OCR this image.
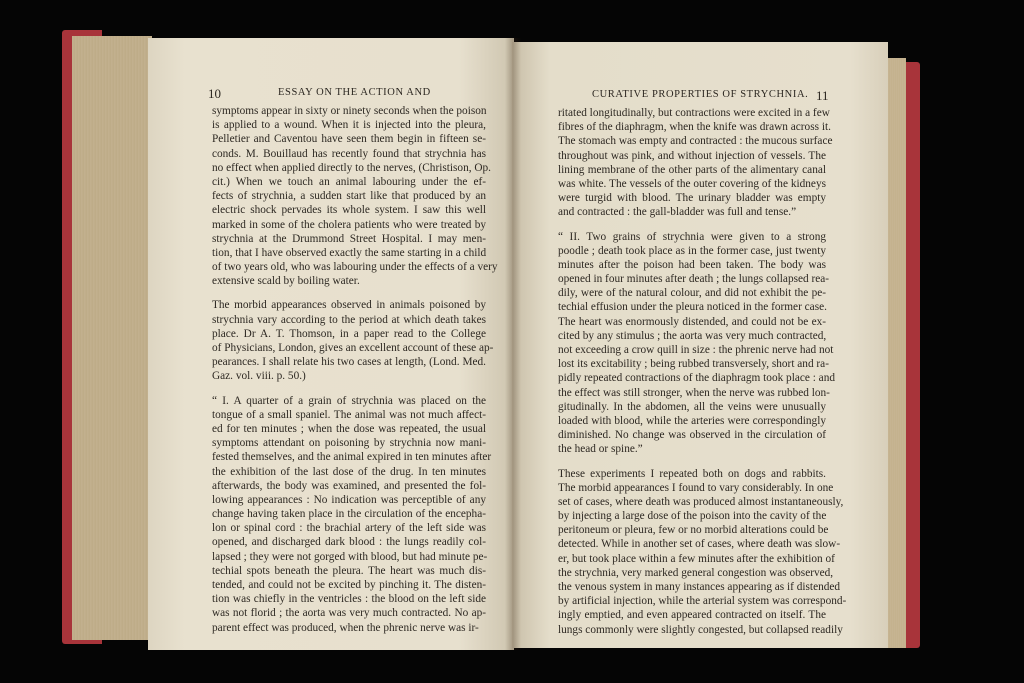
10	ESSAY ON THE ACTION AND
symptoms appear in sixty or ninety seconds when the poison
is applied to a wound. When it is injected into the pleura,
Pelletier and Caventou have seen them begin in fifteen se-
conds. M. Bouillaud has recently found that strychnia has
no effect when applied directly to the nerves, (Christison, Op.
cit.) When we touch an animal labouring under the ef-
fects of strychnia, a sudden start like that produced by an
electric shock pervades its whole system. I saw this well
marked in some of the cholera patients who were treated by
strychnia at the Drummond Street Hospital. I may men-
tion, that I have observed exactly the same starting in a child
of two years old, who was labouring under the effects of a very
extensive scald by boiling water.
The morbid appearances observed in animals poisoned by
strychnia vary according to the period at which death takes
place. Dr A. T. Thomson, in a paper read to the College
of Physicians, London, gives an excellent account of these ap-
pearances. I shall relate his two cases at length, (Lond. Med.
Gaz. vol. viii. p. 50.)
“ I. A quarter of a grain of strychnia was placed on the
tongue of a small spaniel. The animal was not much affect-
ed for ten minutes ; when the dose was repeated, the usual
symptoms attendant on poisoning by strychnia now mani-
fested themselves, and the animal expired in ten minutes after
the exhibition of the last dose of the drug. In ten minutes
afterwards, the body was examined, and presented the fol-
lowing appearances : No indication was perceptible of any
change having taken place in the circulation of the encepha-
lon or spinal cord : the brachial artery of the left side was
opened, and discharged dark blood : the lungs readily col-
lapsed ; they were not gorged with blood, but had minute pe-
techial spots beneath the pleura. The heart was much dis-
tended, and could not be excited by pinching it. The disten-
tion was chiefly in the ventricles : the blood on the left side
was not florid ; the aorta was very much contracted. No ap-
parent effect was produced, when the phrenic nerve was ir-
CURATIVE PROPERTIES OF STRYCHNIA. 11
ritated longitudinally, but contractions were excited in a few
fibres of the diaphragm, when the knife was drawn across it.
The stomach was empty and contracted : the mucous surface
throughout was pink, and without injection of vessels. The
lining membrane of the other parts of the alimentary canal
was white. The vessels of the outer covering of the kidneys
were turgid with blood. The urinary bladder was empty
and contracted : the gall-bladder was full and tense.”
“ II. Two grains of strychnia were given to a strong
poodle ; death took place as in the former case, just twenty
minutes after the poison had been taken. The body was
opened in four minutes after death ; the lungs collapsed rea-
dily, were of the natural colour, and did not exhibit the pe-
techial effusion under the pleura noticed in the former case.
The heart was enormously distended, and could not be ex-
cited by any stimulus ; the aorta was very much contracted,
not exceeding a crow quill in size : the phrenic nerve had not
lost its excitability ; being rubbed transversely, short and ra-
pidly repeated contractions of the diaphragm took place : and
the effect was still stronger, when the nerve was rubbed lon-
gitudinally. In the abdomen, all the veins were unusually
loaded with blood, while the arteries were correspondingly
diminished. No change was observed in the circulation of
the head or spine.”
These experiments I repeated both on dogs and rabbits.
The morbid appearances I found to vary considerably. In one
set of cases, where death was produced almost instantaneously,
by injecting a large dose of the poison into the cavity of the
peritoneum or pleura, few or no morbid alterations could be
detected. While in another set of cases, where death was slow-
er, but took place within a few minutes after the exhibition of
the strychnia, very marked general congestion was observed,
the venous system in many instances appearing as if distended
by artificial injection, while the arterial system was correspond-
ingly emptied, and even appeared contracted on itself. The
lungs commonly were slightly congested, but collapsed readily
